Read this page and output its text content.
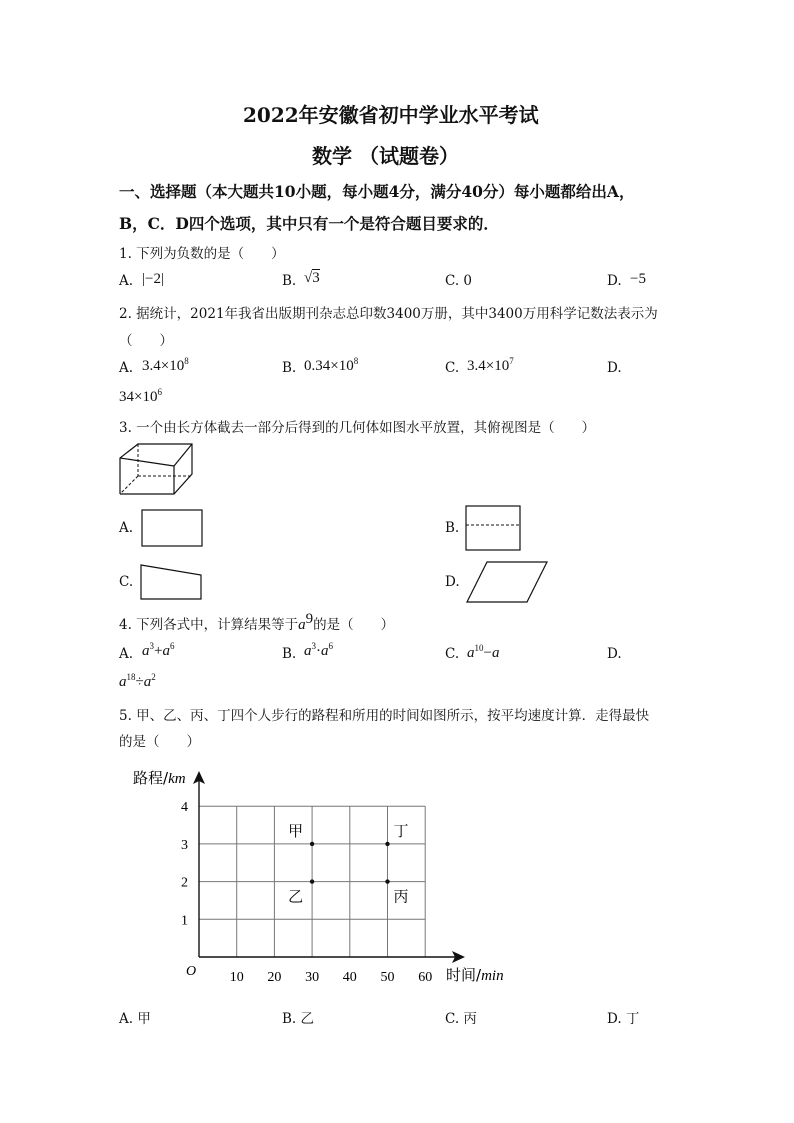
2022年安徽省初中学业水平考试
数学 （试题卷）
一、选择题（本大题共10小题，每小题4分，满分40分）每小题都给出A，
B，C．D四个选项，其中只有一个是符合题目要求的．
1. 下列为负数的是（　　）
A. |−2|	B. √3	C. 0	D. −5
2. 据统计，2021年我省出版期刊杂志总印数3400万册，其中3400万用科学记数法表示为
（　　）
A. $3.4\times 10^8$	B. $0.34\times 10^8$	C. $3.4\times 10^7$	D.
$34\times 10^6$
3. 一个由长方体截去一部分后得到的几何体如图水平放置，其俯视图是（　　）
A.	B.
C.	D.
4. 下列各式中，计算结果等于$a^9$的是（　　）
A. $a^3+a^6$	B. $a^3\cdot a^6$	C. $a^{10}-a$	D.
$a^{18}\div a^2$
5. 甲、乙、丙、丁四个人步行的路程和所用的时间如图所示，按平均速度计算．走得最快
的是（　　）
10 20 30 40 50 60
1
2
3
4
甲
乙	丙
丁
O
路程/km
时间/min
A. 甲	B. 乙	C. 丙	D. 丁
